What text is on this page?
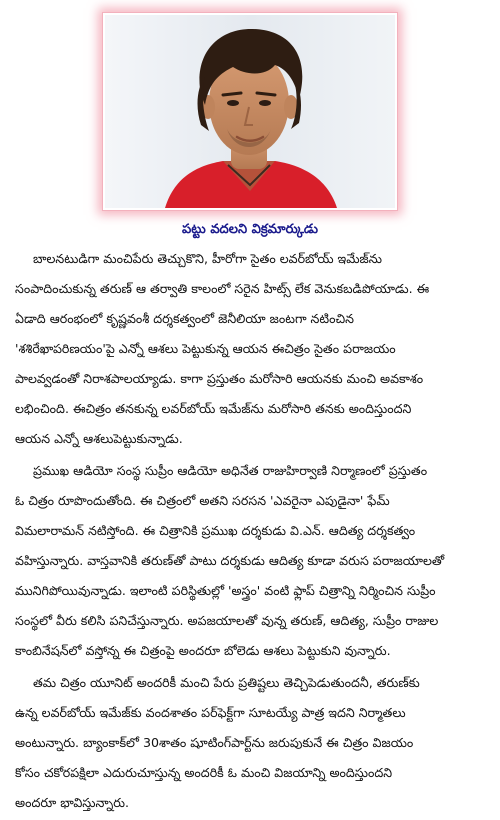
పట్టు వదలని విక్రమార్కుడు
బాలనటుడిగా మంచిపేరు తెచ్చుకొని, హీరోగా సైతం లవర్‌బోయ్ ఇమేజ్‌ను
సంపాదించుకున్న తరుణ్ ఆ తర్వాతి కాలంలో సరైన హిట్స్ లేక వెనుకబడిపోయాడు. ఈ
ఏడాది ఆరంభంలో కృష్ణవంశీ దర్శకత్వంలో జెనీలియా జంటగా నటించిన
'శశిరేఖాపరిణయం'పై ఎన్నో ఆశలు పెట్టుకున్న ఆయన ఈచిత్రం సైతం పరాజయం
పాలవ్వడంతో నిరాశపాలయ్యాడు. కాగా ప్రస్తుతం మరోసారి ఆయనకు మంచి అవకాశం
లభించింది. ఈచిత్రం తనకున్న లవర్‌బోయ్ ఇమేజ్‌ను మరోసారి తనకు అందిస్తుందని
ఆయన ఎన్నో ఆశలుపెట్టుకున్నాడు.
ప్రముఖ ఆడియో సంస్థ సుప్రీం ఆడియో అధినేత రాజుహిర్వాణి నిర్మాణంలో ప్రస్తుతం
ఓ చిత్రం రూపొందుతోంది. ఈ చిత్రంలో అతని సరసన 'ఎవరైనా ఎపుడైనా' ఫేమ్
విమలారామన్ నటిస్తోంది. ఈ చిత్రానికి ప్రముఖ దర్శకుడు వి.ఎన్. ఆదిత్య దర్శకత్వం
వహిస్తున్నారు. వాస్తవానికి తరుణ్‌తో పాటు దర్శకుడు ఆదిత్య కూడా వరుస పరాజయాలతో
మునిగిపోయివున్నాడు. ఇలాంటి పరిస్థితుల్లో 'అస్త్రం' వంటి ఫ్లాప్ చిత్రాన్ని నిర్మించిన సుప్రీం
సంస్థలో వీరు కలిసి పనిచేస్తున్నారు. అపజయాలతో వున్న తరుణ్, ఆదిత్య, సుప్రీం రాజుల
కాంబినేషన్‌లో వస్తోన్న ఈ చిత్రంపై అందరూ బోలెడు ఆశలు పెట్టుకుని వున్నారు.
తమ చిత్రం యూనిట్ అందరికీ మంచి పేరు ప్రతిష్టలు తెచ్చిపెడుతుందనీ, తరుణ్‌కు
ఉన్న లవర్‌బోయ్ ఇమేజ్‌కు వందశాతం పర్‌ఫెక్ట్‌గా సూటయ్యే పాత్ర ఇదని నిర్మాతలు
అంటున్నారు. బ్యాంకాక్‌లో 30శాతం షూటింగ్‌పార్ట్‌ను జరుపుకునే ఈ చిత్రం విజయం
కోసం చకోరపక్షిలా ఎదురుచూస్తున్న అందరికీ ఓ మంచి విజయాన్ని అందిస్తుందని
అందరూ భావిస్తున్నారు.
